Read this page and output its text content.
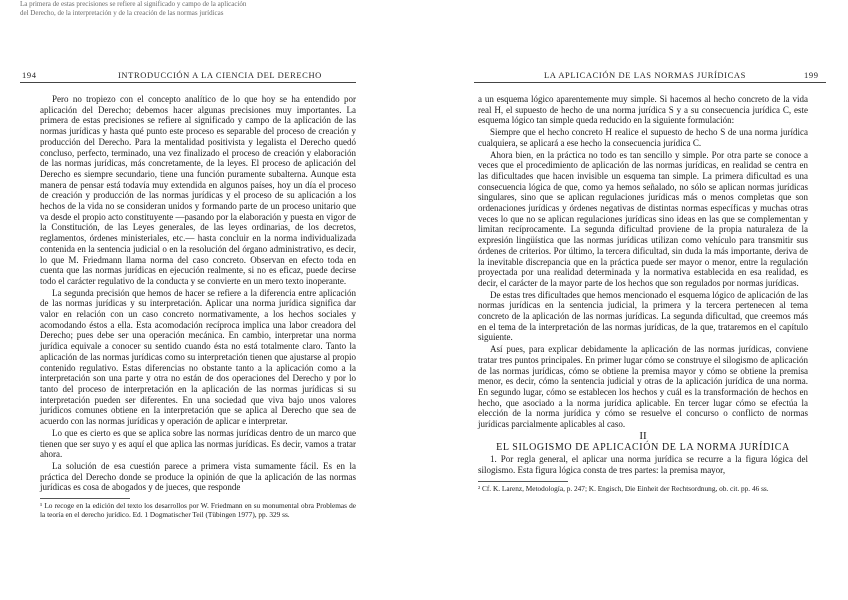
La primera de estas precisiones se refiere al significado y campo de la aplicación
del Derecho, de la interpretación y de la creación de las normas jurídicas
194	INTRODUCCIÓN A LA CIENCIA DEL DERECHO	LA APLICACIÓN DE LAS NORMAS JURÍDICAS	199

Pero no tropiezo con el concepto analítico de lo que hoy se ha entendido por aplicación del Derecho; debemos hacer algunas precisiones muy importantes. La primera de estas precisiones se refiere al significado y campo de la aplicación de las normas jurídicas y hasta qué punto este proceso es separable del proceso de creación y producción del Derecho. Para la mentalidad positivista y legalista el Derecho quedó concluso, perfecto, terminado, una vez finalizado el proceso de creación y elaboración de las normas jurídicas, más concretamente, de la leyes. El proceso de aplicación del Derecho es siempre secundario, tiene una función puramente subalterna. Aunque esta manera de pensar está todavía muy extendida en algunos países, hoy un día el proceso de creación y producción de las normas jurídicas y el proceso de su aplicación a los hechos de la vida no se consideran unidos y formando parte de un proceso unitario que va desde el propio acto constituyente —pasando por la elaboración y puesta en vigor de la Constitución, de las Leyes generales, de las leyes ordinarias, de los decretos, reglamentos, órdenes ministeriales, etc.— hasta concluir en la norma individualizada contenida en la sentencia judicial o en la resolución del órgano administrativo, es decir, lo que M. Friedmann llama norma del caso concreto. Observan en efecto toda en cuenta que las normas jurídicas en ejecución realmente, si no es eficaz, puede decirse todo el carácter regulativo de la conducta y se convierte en un mero texto inoperante.

La segunda precisión que hemos de hacer se refiere a la diferencia entre aplicación de las normas jurídicas y su interpretación. Aplicar una norma jurídica significa dar valor en relación con un caso concreto normativamente, a los hechos sociales y acomodando éstos a ella. Esta acomodación recíproca implica una labor creadora del Derecho; pues debe ser una operación mecánica. En cambio, interpretar una norma jurídica equivale a conocer su sentido cuando ésta no está totalmente claro. Tanto la aplicación de las normas jurídicas como su interpretación tienen que ajustarse al propio contenido regulativo. Estas diferencias no obstante tanto a la aplicación como a la interpretación son una parte y otra no están de dos operaciones del Derecho y por lo tanto del proceso de interpretación en la aplicación de las normas jurídicas si su interpretación pueden ser diferentes. En una sociedad que viva bajo unos valores jurídicos comunes obtiene en la interpretación que se aplica al Derecho que sea de acuerdo con las normas jurídicas y operación de aplicar e interpretar.

Lo que es cierto es que se aplica sobre las normas jurídicas dentro de un marco que tienen que ser suyo y es aquí el que aplica las normas jurídicas. Es decir, vamos a tratar ahora.

La solución de esa cuestión parece a primera vista sumamente fácil. Es en la práctica del Derecho donde se produce la opinión de que la aplicación de las normas jurídicas es cosa de abogados y de jueces, que responde

¹ Lo recoge en la edición del texto los desarrollos por W. Friedmann en su monumental obra Problemas de la teoría en el derecho jurídico. Ed. 1 Dogmatischer Teil (Tübingen 1977), pp. 329 ss.

a un esquema lógico aparentemente muy simple. Si hacemos al hecho concreto de la vida real H, el supuesto de hecho de una norma jurídica S y a su consecuencia jurídica C, este esquema lógico tan simple queda reducido en la siguiente formulación:

Siempre que el hecho concreto H realice el supuesto de hecho S de una norma jurídica cualquiera, se aplicará a ese hecho la consecuencia jurídica C.

Ahora bien, en la práctica no todo es tan sencillo y simple. Por otra parte se conoce a veces que el procedimiento de aplicación de las normas jurídicas, en realidad se centra en las dificultades que hacen invisible un esquema tan simple. La primera dificultad es una consecuencia lógica de que, como ya hemos señalado, no sólo se aplican normas jurídicas singulares, sino que se aplican regulaciones jurídicas más o menos completas que son ordenaciones jurídicas y órdenes negativas de distintas normas específicas y muchas otras veces lo que no se aplican regulaciones jurídicas sino ideas en las que se complementan y limitan recíprocamente. La segunda dificultad proviene de la propia naturaleza de la expresión lingüística que las normas jurídicas utilizan como vehículo para transmitir sus órdenes de criterios. Por último, la tercera dificultad, sin duda la más importante, deriva de la inevitable discrepancia que en la práctica puede ser mayor o menor, entre la regulación proyectada por una realidad determinada y la normativa establecida en esa realidad, es decir, el carácter de la mayor parte de los hechos que son regulados por normas jurídicas.

De estas tres dificultades que hemos mencionado el esquema lógico de aplicación de las normas jurídicas en la sentencia judicial, la primera y la tercera pertenecen al tema concreto de la aplicación de las normas jurídicas. La segunda dificultad, que creemos más en el tema de la interpretación de las normas jurídicas, de la que, trataremos en el capítulo siguiente.

Así pues, para explicar debidamente la aplicación de las normas jurídicas, conviene tratar tres puntos principales. En primer lugar cómo se construye el silogismo de aplicación de las normas jurídicas, cómo se obtiene la premisa mayor y cómo se obtiene la premisa menor, es decir, cómo la sentencia judicial y otras de la aplicación jurídica de una norma. En segundo lugar, cómo se establecen los hechos y cuál es la transformación de hechos en hecho, que asociado a la norma jurídica aplicable. En tercer lugar cómo se efectúa la elección de la norma jurídica y cómo se resuelve el concurso o conflicto de normas jurídicas parcialmente aplicables al caso.

II

EL SILOGISMO DE APLICACIÓN DE LA NORMA JURÍDICA

1. Por regla general, el aplicar una norma jurídica se recurre a la figura lógica del silogismo. Esta figura lógica consta de tres partes: la premisa mayor,

² Cf. K. Larenz, Metodología, p. 247; K. Engisch, Die Einheit der Rechtsordnung, ob. cit. pp. 46 ss.
